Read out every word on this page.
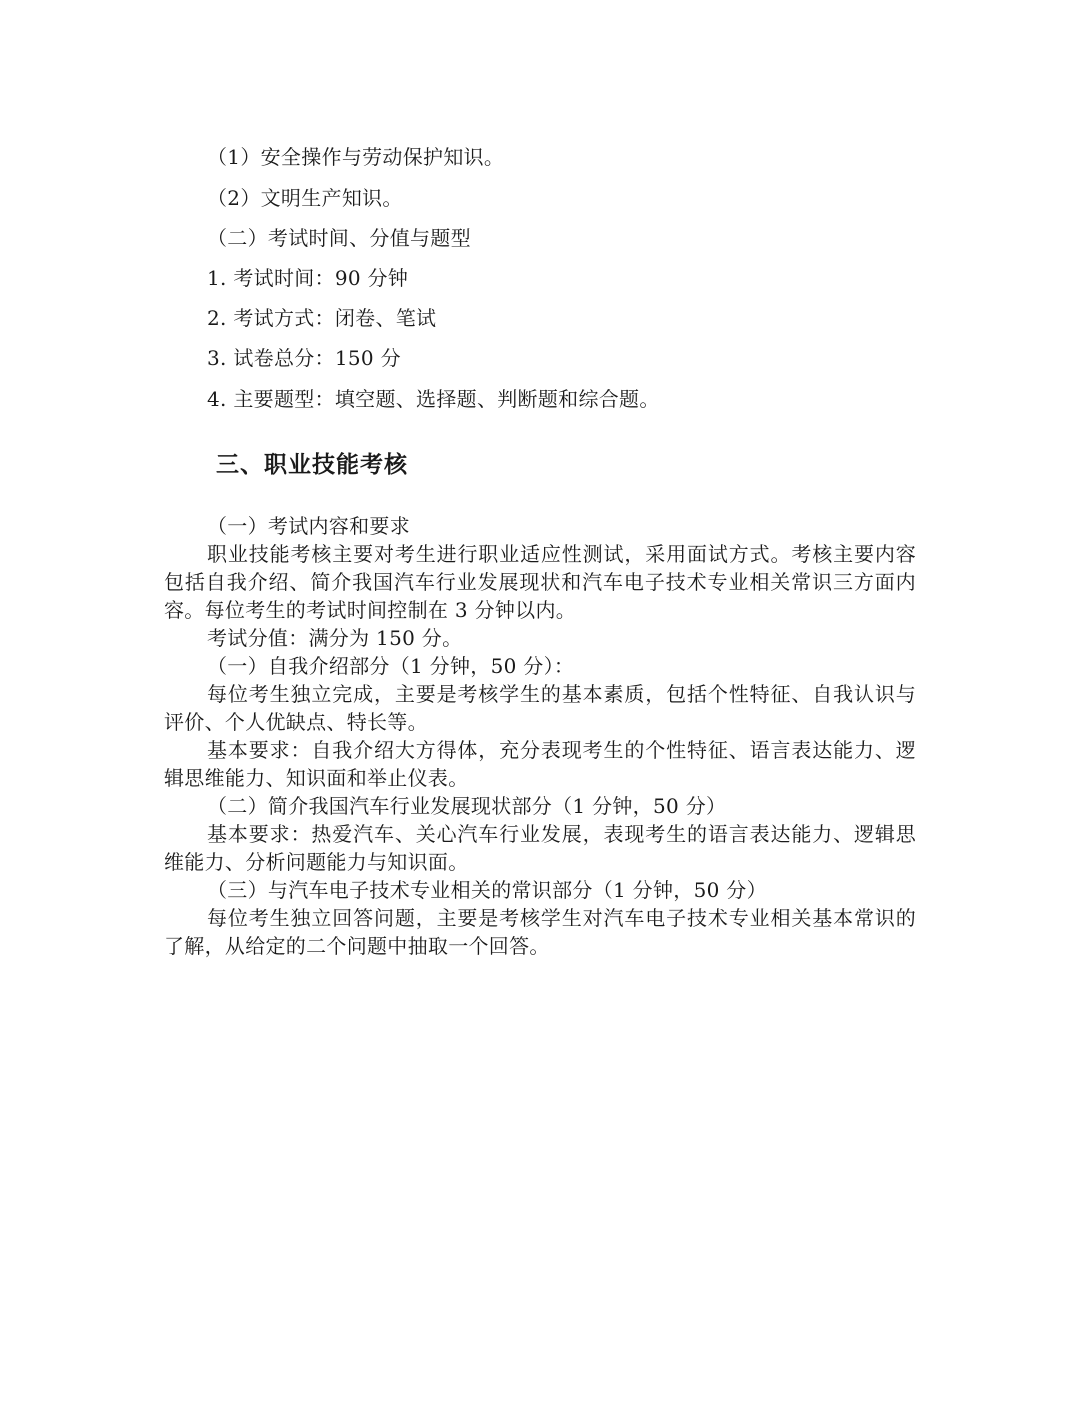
（1）安全操作与劳动保护知识。
（2）文明生产知识。
（二）考试时间、分值与题型
1. 考试时间：90 分钟
2. 考试方式：闭卷、笔试
3. 试卷总分：150 分
4. 主要题型：填空题、选择题、判断题和综合题。
三、职业技能考核

（一）考试内容和要求

职业技能考核主要对考生进行职业适应性测试，采用面试方式。考核主要内容包括自我介绍、简介我国汽车行业发展现状和汽车电子技术专业相关常识三方面内容。每位考生的考试时间控制在 3 分钟以内。

考试分值：满分为 150 分。

（一）自我介绍部分（1 分钟，50 分）：

每位考生独立完成，主要是考核学生的基本素质，包括个性特征、自我认识与评价、个人优缺点、特长等。

基本要求：自我介绍大方得体，充分表现考生的个性特征、语言表达能力、逻辑思维能力、知识面和举止仪表。

（二）简介我国汽车行业发展现状部分（1 分钟，50 分）

基本要求：热爱汽车、关心汽车行业发展，表现考生的语言表达能力、逻辑思维能力、分析问题能力与知识面。

（三）与汽车电子技术专业相关的常识部分（1 分钟，50 分）

每位考生独立回答问题，主要是考核学生对汽车电子技术专业相关基本常识的了解，从给定的二个问题中抽取一个回答。
